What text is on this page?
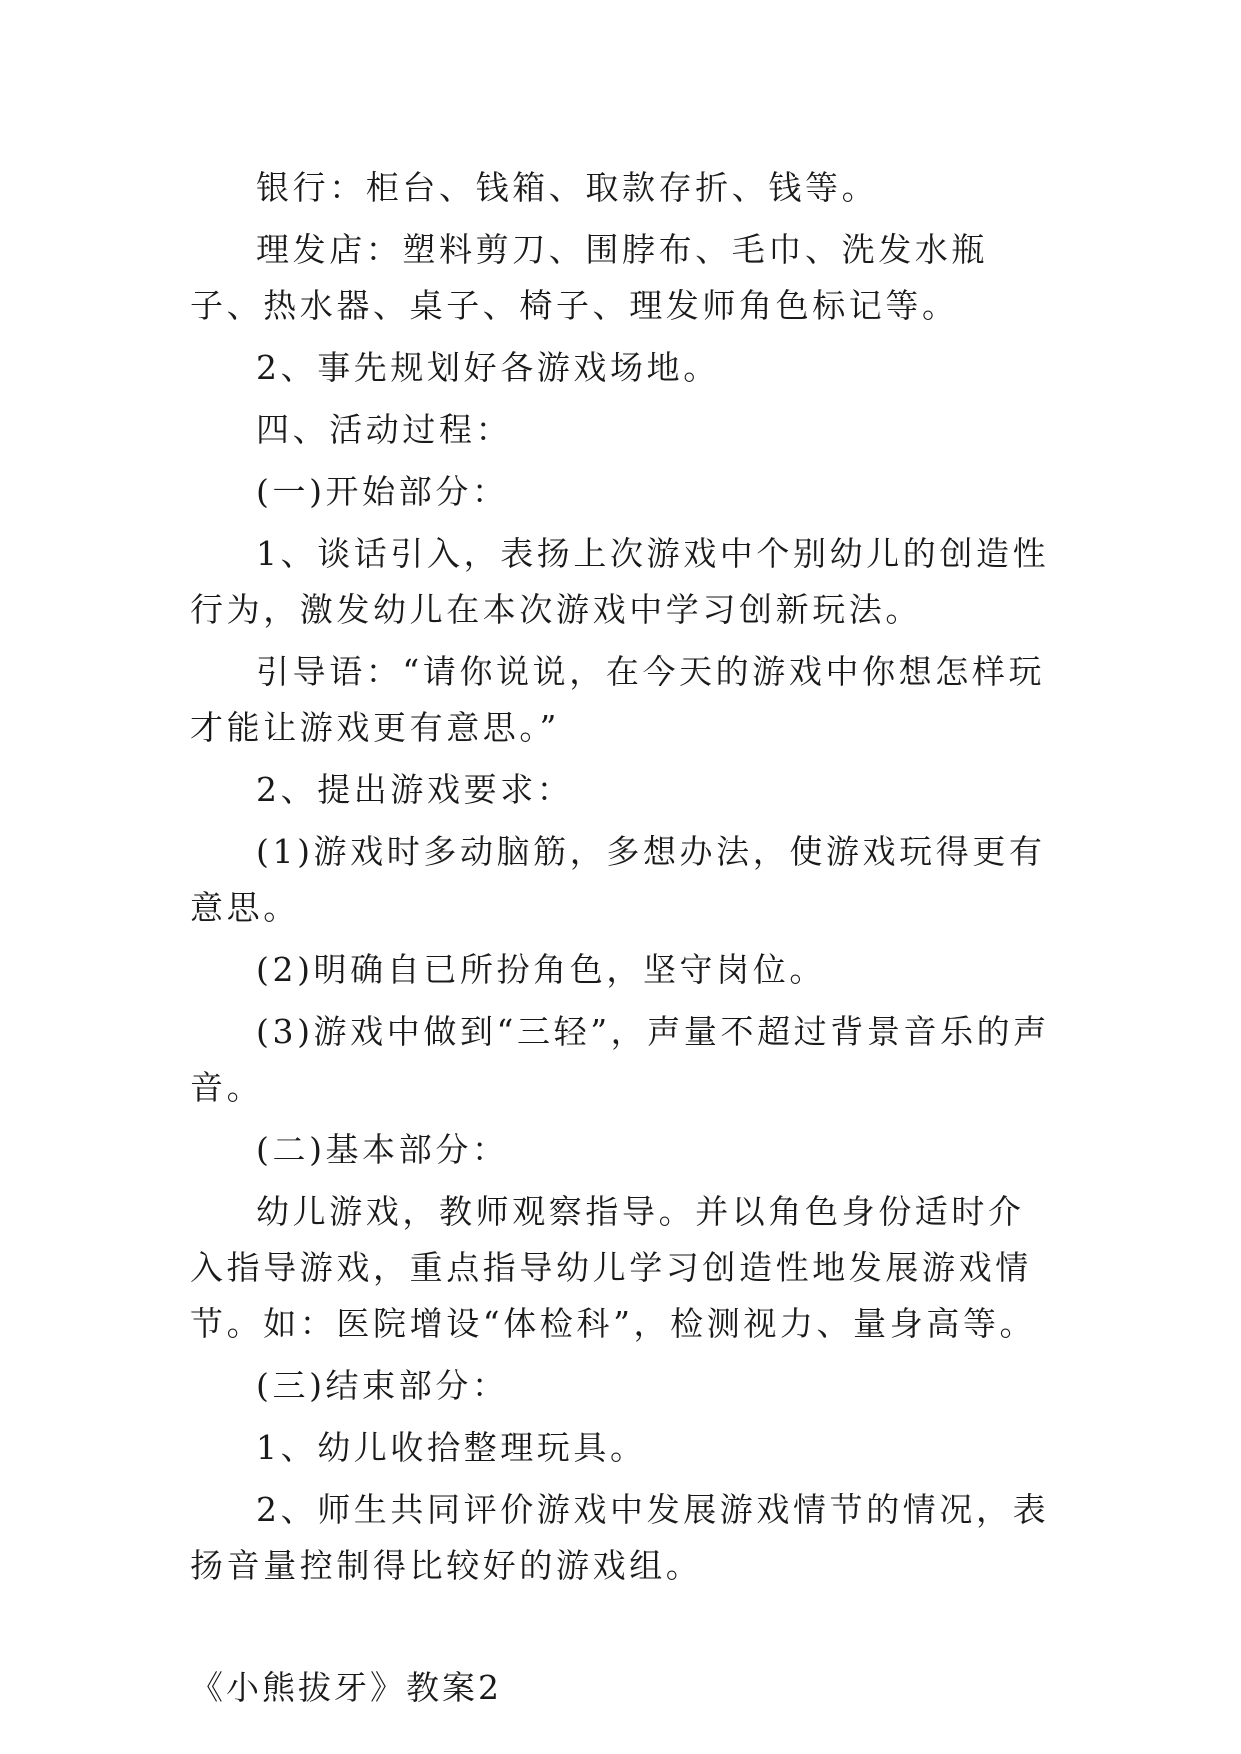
银行：柜台、钱箱、取款存折、钱等。

理发店：塑料剪刀、围脖布、毛巾、洗发水瓶子、热水器、桌子、椅子、理发师角色标记等。

2、事先规划好各游戏场地。

四、活动过程：

(一)开始部分：

1、谈话引入，表扬上次游戏中个别幼儿的创造性行为，激发幼儿在本次游戏中学习创新玩法。

引导语：“请你说说，在今天的游戏中你想怎样玩才能让游戏更有意思。”

2、提出游戏要求：

(1)游戏时多动脑筋，多想办法，使游戏玩得更有意思。

(2)明确自已所扮角色，坚守岗位。

(3)游戏中做到“三轻”，声量不超过背景音乐的声音。

(二)基本部分：

幼儿游戏，教师观察指导。并以角色身份适时介入指导游戏，重点指导幼儿学习创造性地发展游戏情节。如：医院增设“体检科”，检测视力、量身高等。

(三)结束部分：

1、幼儿收拾整理玩具。

2、师生共同评价游戏中发展游戏情节的情况，表扬音量控制得比较好的游戏组。

《小熊拔牙》教案2
